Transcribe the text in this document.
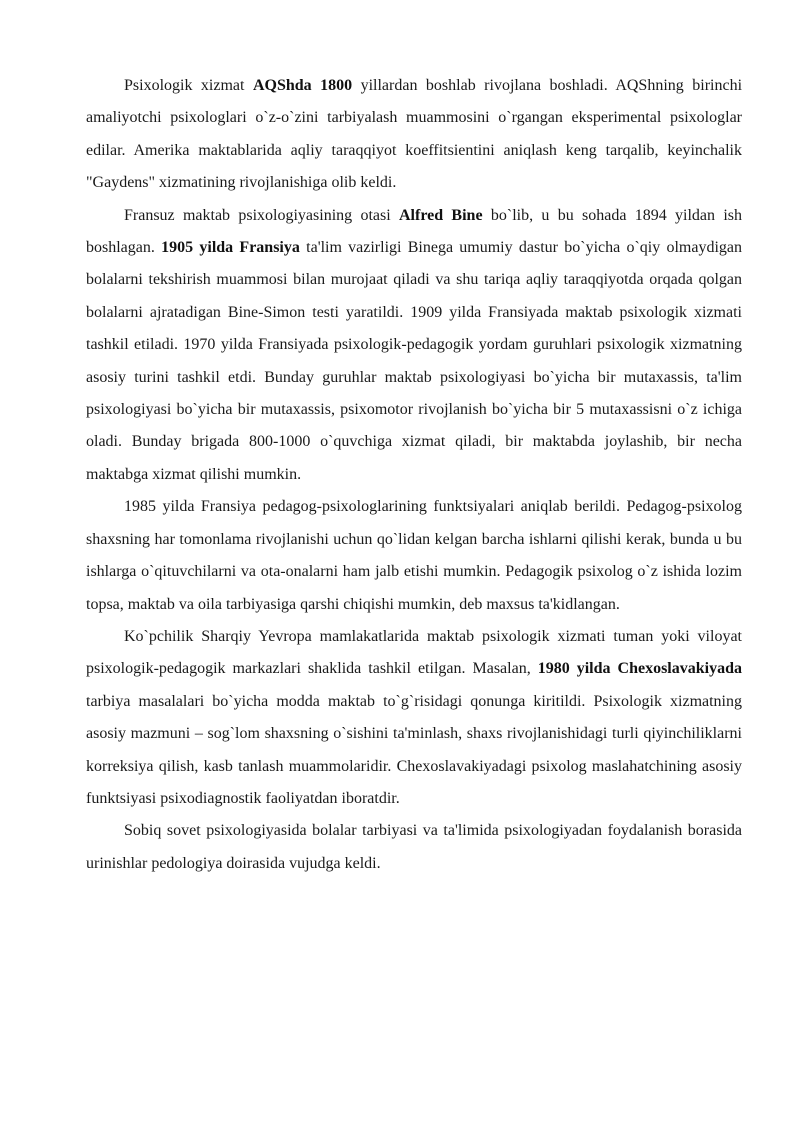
Psixologik xizmat AQShda 1800 yillardan boshlab rivojlana boshladi. AQShning birinchi amaliyotchi psixologlari o`z-o`zini tarbiyalash muammosini o`rgangan eksperimental psixologlar edilar. Amerika maktablarida aqliy taraqqiyot koeffitsientini aniqlash keng tarqalib, keyinchalik "Gaydens" xizmatining rivojlanishiga olib keldi.

Fransuz maktab psixologiyasining otasi Alfred Bine bo`lib, u bu sohada 1894 yildan ish boshlagan. 1905 yilda Fransiya ta'lim vazirligi Binega umumiy dastur bo`yicha o`qiy olmaydigan bolalarni tekshirish muammosi bilan murojaat qiladi va shu tariqa aqliy taraqqiyotda orqada qolgan bolalarni ajratadigan Bine-Simon testi yaratildi. 1909 yilda Fransiyada maktab psixologik xizmati tashkil etiladi. 1970 yilda Fransiyada psixologik-pedagogik yordam guruhlari psixologik xizmatning asosiy turini tashkil etdi. Bunday guruhlar maktab psixologiyasi bo`yicha bir mutaxassis, ta'lim psixologiyasi bo`yicha bir mutaxassis, psixomotor rivojlanish bo`yicha bir 5 mutaxassisni o`z ichiga oladi. Bunday brigada 800-1000 o`quvchiga xizmat qiladi, bir maktabda joylashib, bir necha maktabga xizmat qilishi mumkin.

1985 yilda Fransiya pedagog-psixologlarining funktsiyalari aniqlab berildi. Pedagog-psixolog shaxsning har tomonlama rivojlanishi uchun qo`lidan kelgan barcha ishlarni qilishi kerak, bunda u bu ishlarga o`qituvchilarni va ota-onalarni ham jalb etishi mumkin. Pedagogik psixolog o`z ishida lozim topsa, maktab va oila tarbiyasiga qarshi chiqishi mumkin, deb maxsus ta'kidlangan.

Ko`pchilik Sharqiy Yevropa mamlakatlarida maktab psixologik xizmati tuman yoki viloyat psixologik-pedagogik markazlari shaklida tashkil etilgan. Masalan, 1980 yilda Chexoslavakiyada tarbiya masalalari bo`yicha modda maktab to`g`risidagi qonunga kiritildi. Psixologik xizmatning asosiy mazmuni – sog`lom shaxsning o`sishini ta'minlash, shaxs rivojlanishidagi turli qiyinchiliklarni korreksiya qilish, kasb tanlash muammolaridir. Chexoslavakiyadagi psixolog maslahatchining asosiy funktsiyasi psixodiagnostik faoliyatdan iboratdir.

Sobiq sovet psixologiyasida bolalar tarbiyasi va ta'limida psixologiyadan foydalanish borasida urinishlar pedologiya doirasida vujudga keldi.
